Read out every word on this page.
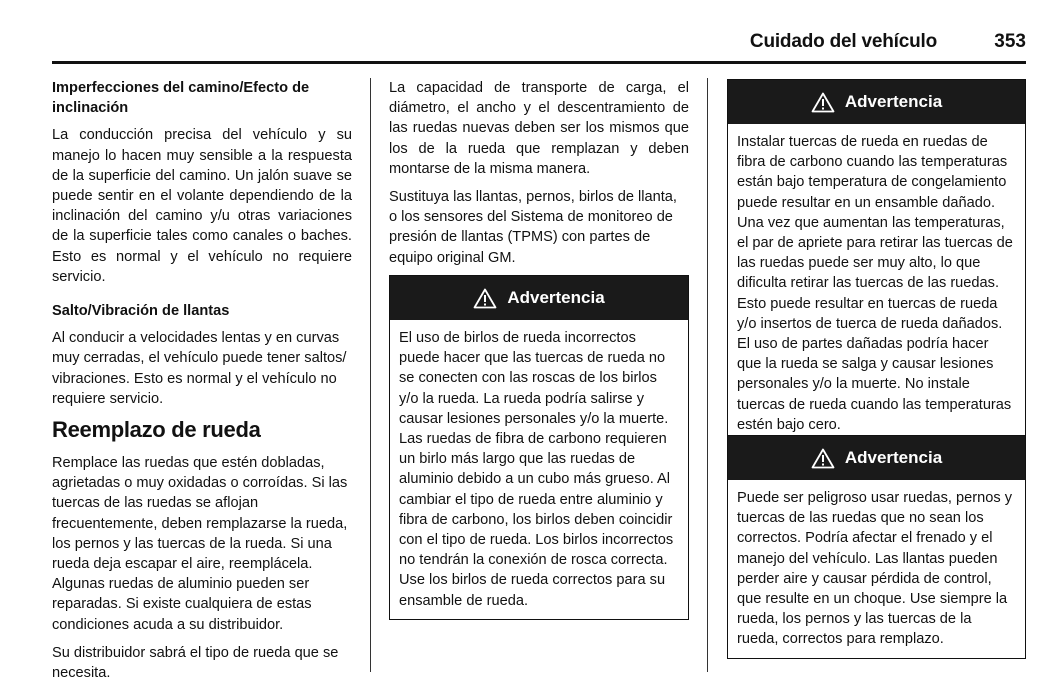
Cuidado del vehículo	353
Imperfecciones del camino/Efecto de inclinación

La conducción precisa del vehículo y su manejo lo hacen muy sensible a la respuesta de la superficie del camino. Un jalón suave se puede sentir en el volante dependiendo de la inclinación del camino y/u otras variaciones de la superficie tales como canales o baches. Esto es normal y el vehículo no requiere servicio.

Salto/Vibración de llantas

Al conducir a velocidades lentas y en curvas muy cerradas, el vehículo puede tener saltos/ vibraciones. Esto es normal y el vehículo no requiere servicio.

Reemplazo de rueda

Remplace las ruedas que estén dobladas, agrietadas o muy oxidadas o corroídas. Si las tuercas de las ruedas se aflojan frecuentemente, deben remplazarse la rueda, los pernos y las tuercas de la rueda. Si una rueda deja escapar el aire, reemplácela. Algunas ruedas de aluminio pueden ser reparadas. Si existe cualquiera de estas condiciones acuda a su distribuidor.

Su distribuidor sabrá el tipo de rueda que se necesita.

La capacidad de transporte de carga, el diámetro, el ancho y el descentramiento de las ruedas nuevas deben ser los mismos que los de la rueda que remplazan y deben montarse de la misma manera.

Sustituya las llantas, pernos, birlos de llanta, o los sensores del Sistema de monitoreo de presión de llantas (TPMS) con partes de equipo original GM.

Advertencia
El uso de birlos de rueda incorrectos puede hacer que las tuercas de rueda no se conecten con las roscas de los birlos y/o la rueda. La rueda podría salirse y causar lesiones personales y/o la muerte. Las ruedas de fibra de carbono requieren un birlo más largo que las ruedas de aluminio debido a un cubo más grueso. Al cambiar el tipo de rueda entre aluminio y fibra de carbono, los birlos deben coincidir con el tipo de rueda. Los birlos incorrectos no tendrán la conexión de rosca correcta. Use los birlos de rueda correctos para su ensamble de rueda.
Advertencia
Instalar tuercas de rueda en ruedas de fibra de carbono cuando las temperaturas están bajo temperatura de congelamiento puede resultar en un ensamble dañado. Una vez que aumentan las temperaturas, el par de apriete para retirar las tuercas de las ruedas puede ser muy alto, lo que dificulta retirar las tuercas de las ruedas. Esto puede resultar en tuercas de rueda y/o insertos de tuerca de rueda dañados. El uso de partes dañadas podría hacer que la rueda se salga y causar lesiones personales y/o la muerte. No instale tuercas de rueda cuando las temperaturas estén bajo cero.
Advertencia
Puede ser peligroso usar ruedas, pernos y tuercas de las ruedas que no sean los correctos. Podría afectar el frenado y el manejo del vehículo. Las llantas pueden perder aire y causar pérdida de control, que resulte en un choque. Use siempre la rueda, los pernos y las tuercas de la rueda, correctos para remplazo.
